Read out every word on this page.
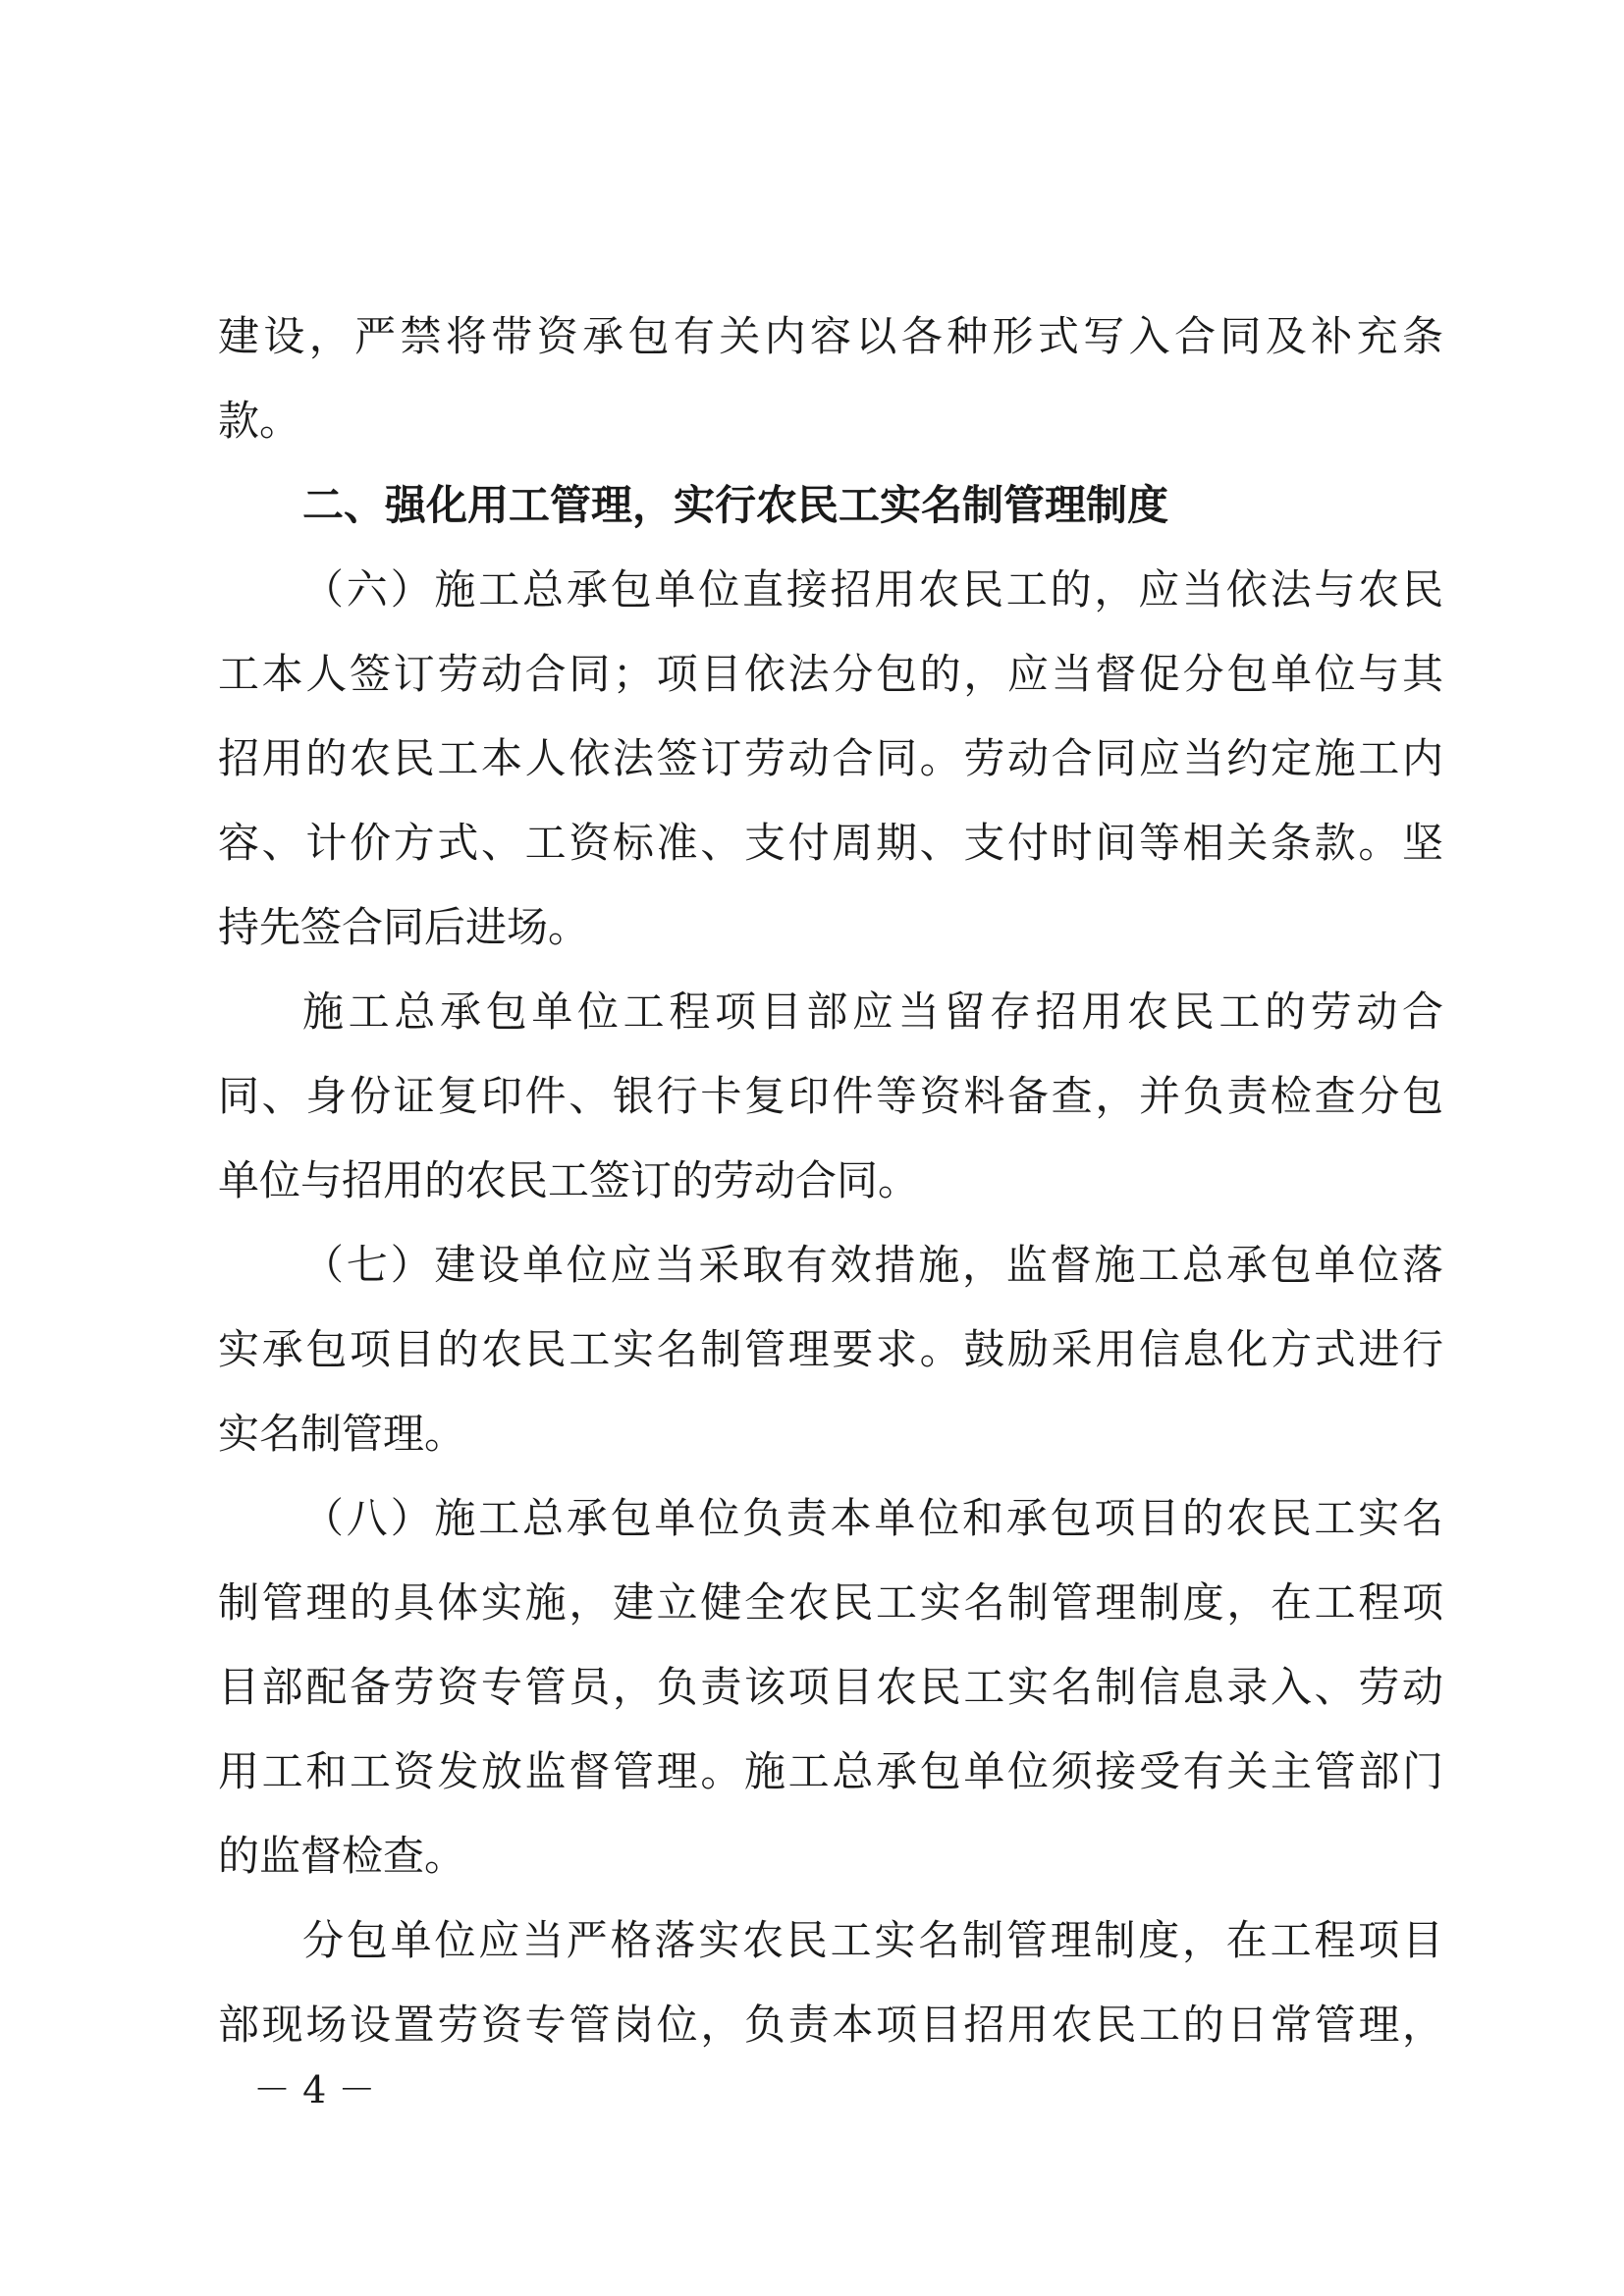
建设，严禁将带资承包有关内容以各种形式写入合同及补充条
款。
二、强化用工管理，实行农民工实名制管理制度
（六）施工总承包单位直接招用农民工的，应当依法与农民
工本人签订劳动合同；项目依法分包的，应当督促分包单位与其
招用的农民工本人依法签订劳动合同。劳动合同应当约定施工内
容、计价方式、工资标准、支付周期、支付时间等相关条款。坚
持先签合同后进场。
施工总承包单位工程项目部应当留存招用农民工的劳动合
同、身份证复印件、银行卡复印件等资料备查，并负责检查分包
单位与招用的农民工签订的劳动合同。
（七）建设单位应当采取有效措施，监督施工总承包单位落
实承包项目的农民工实名制管理要求。鼓励采用信息化方式进行
实名制管理。
（八）施工总承包单位负责本单位和承包项目的农民工实名
制管理的具体实施，建立健全农民工实名制管理制度，在工程项
目部配备劳资专管员，负责该项目农民工实名制信息录入、劳动
用工和工资发放监督管理。施工总承包单位须接受有关主管部门
的监督检查。
分包单位应当严格落实农民工实名制管理制度，在工程项目
部现场设置劳资专管岗位，负责本项目招用农民工的日常管理，
－ 4 －
